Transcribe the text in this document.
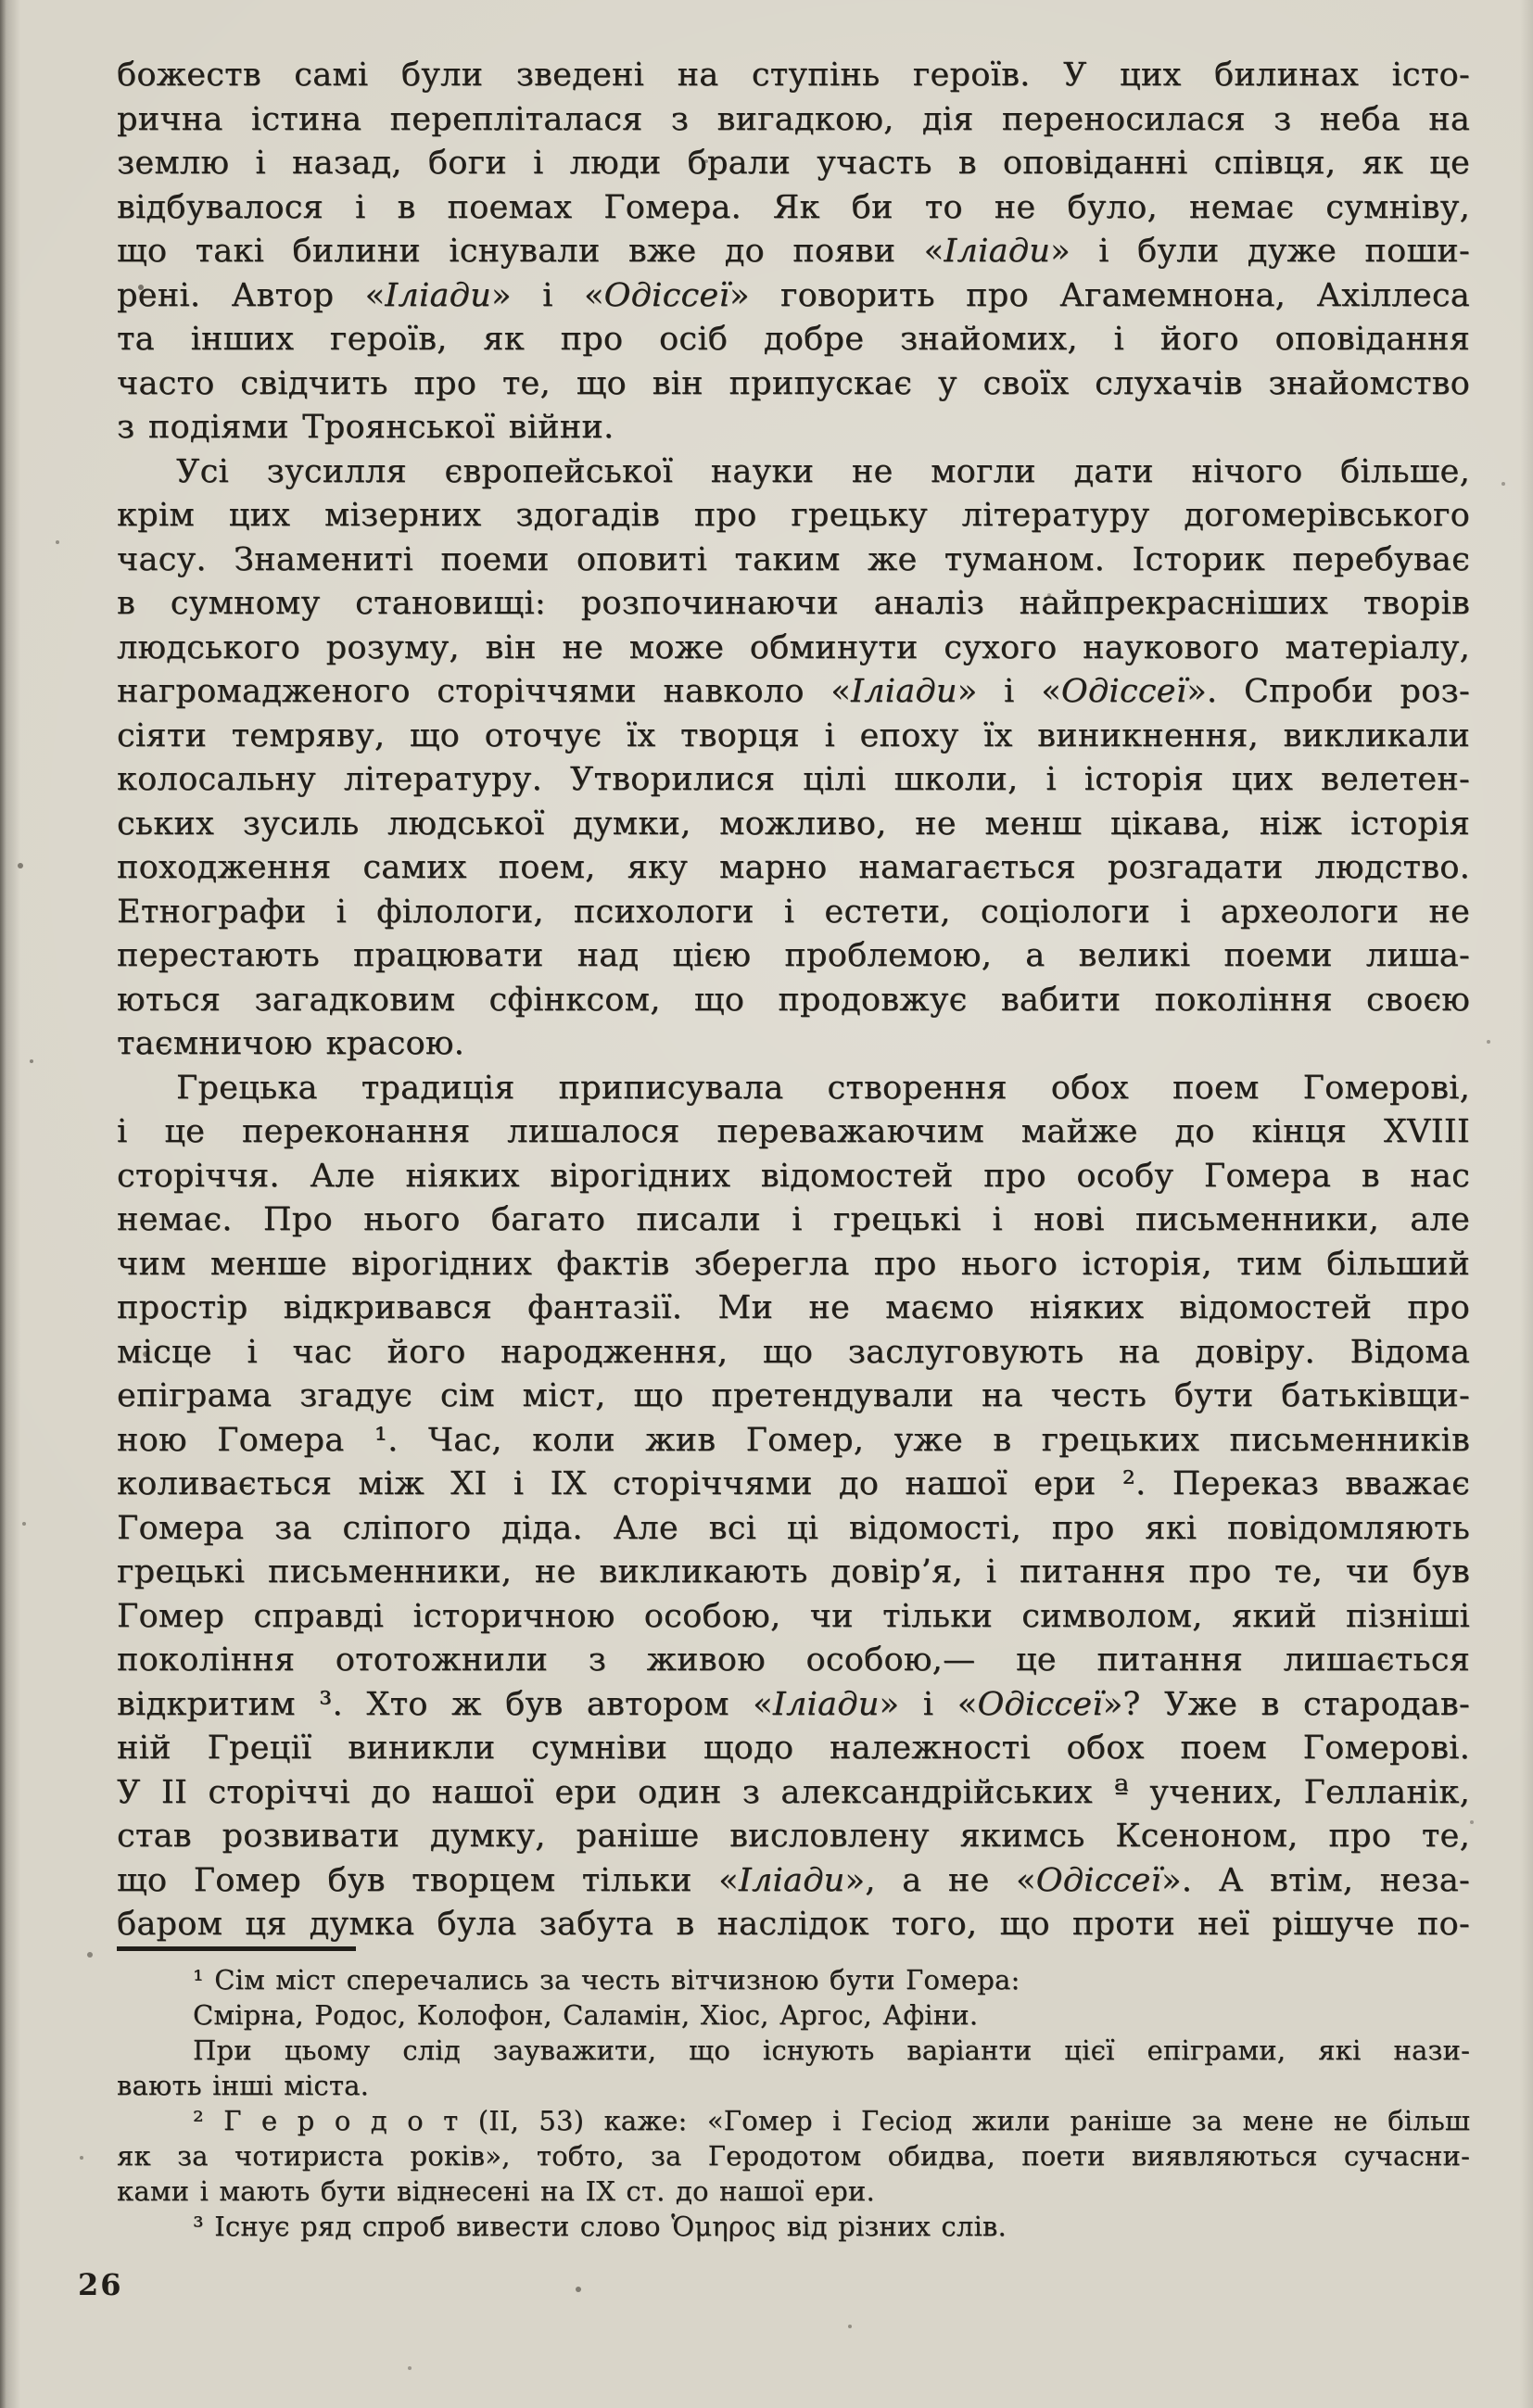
божеств самі були зведені на ступінь героїв. У цих билинах істо-
рична істина перепліталася з вигадкою, дія переносилася з неба на
землю і назад, боги і люди брали участь в оповіданні співця, як це
відбувалося і в поемах Гомера. Як би то не було, немає сумніву,
що такі билини існували вже до появи «Іліади» і були дуже поши-
рені. Автор «Іліади» і «Одіссеї» говорить про Агамемнона, Ахіллеса
та інших героїв, як про осіб добре знайомих, і його оповідання
часто свідчить про те, що він припускає у своїх слухачів знайомство
з подіями Троянської війни.
Усі зусилля європейської науки не могли дати нічого більше,
крім цих мізерних здогадів про грецьку літературу догомерівського
часу. Знамениті поеми оповиті таким же туманом. Історик перебуває
в сумному становищі: розпочинаючи аналіз найпрекрасніших творів
людського розуму, він не може обминути сухого наукового матеріалу,
нагромадженого сторіччями навколо «Іліади» і «Одіссеї». Спроби роз-
сіяти темряву, що оточує їх творця і епоху їх виникнення, викликали
колосальну літературу. Утворилися цілі школи, і історія цих велетен-
ських зусиль людської думки, можливо, не менш цікава, ніж історія
походження самих поем, яку марно намагається розгадати людство.
Етнографи і філологи, психологи і естети, соціологи і археологи не
перестають працювати над цією проблемою, а великі поеми лиша-
ються загадковим сфінксом, що продовжує вабити покоління своєю
таємничою красою.
Грецька традиція приписувала створення обох поем Гомерові,
і це переконання лишалося переважаючим майже до кінця XVIII
сторіччя. Але ніяких вірогідних відомостей про особу Гомера в нас
немає. Про нього багато писали і грецькі і нові письменники, але
чим менше вірогідних фактів зберегла про нього історія, тим більший
простір відкривався фантазії. Ми не маємо ніяких відомостей про
місце і час його народження, що заслуговують на довіру. Відома
епіграма згадує сім міст, що претендували на честь бути батьківщи-
ною Гомера ¹. Час, коли жив Гомер, уже в грецьких письменників
коливається між XI і IX сторіччями до нашої ери ². Переказ вважає
Гомера за сліпого діда. Але всі ці відомості, про які повідомляють
грецькі письменники, не викликають довір’я, і питання про те, чи був
Гомер справді історичною особою, чи тільки символом, який пізніші
покоління ототожнили з живою особою,— це питання лишається
відкритим ³. Хто ж був автором «Іліади» і «Одіссеї»? Уже в стародав-
ній Греції виникли сумніви щодо належності обох поем Гомерові.
У II сторіччі до нашої ери один з александрійських ª учених, Гелланік,
став розвивати думку, раніше висловлену якимсь Ксеноном, про те,
що Гомер був творцем тільки «Іліади», а не «Одіссеї». А втім, неза-
баром ця думка була забута в наслідок того, що проти неї рішуче по-
¹ Сім міст сперечались за честь вітчизною бути Гомера:
Смірна, Родос, Колофон, Саламін, Хіос, Аргос, Афіни.
При цьому слід зауважити, що існують варіанти цієї епіграми, які нази-
вають інші міста.
² Г е р о д о т (II, 53) каже: «Гомер і Гесіод жили раніше за мене не більш
як за чотириста років», тобто, за Геродотом обидва, поети виявляються сучасни-
ками і мають бути віднесені на IX ст. до нашої ери.
³ Існує ряд спроб вивести слово Ὁμηρος від різних слів.
26
